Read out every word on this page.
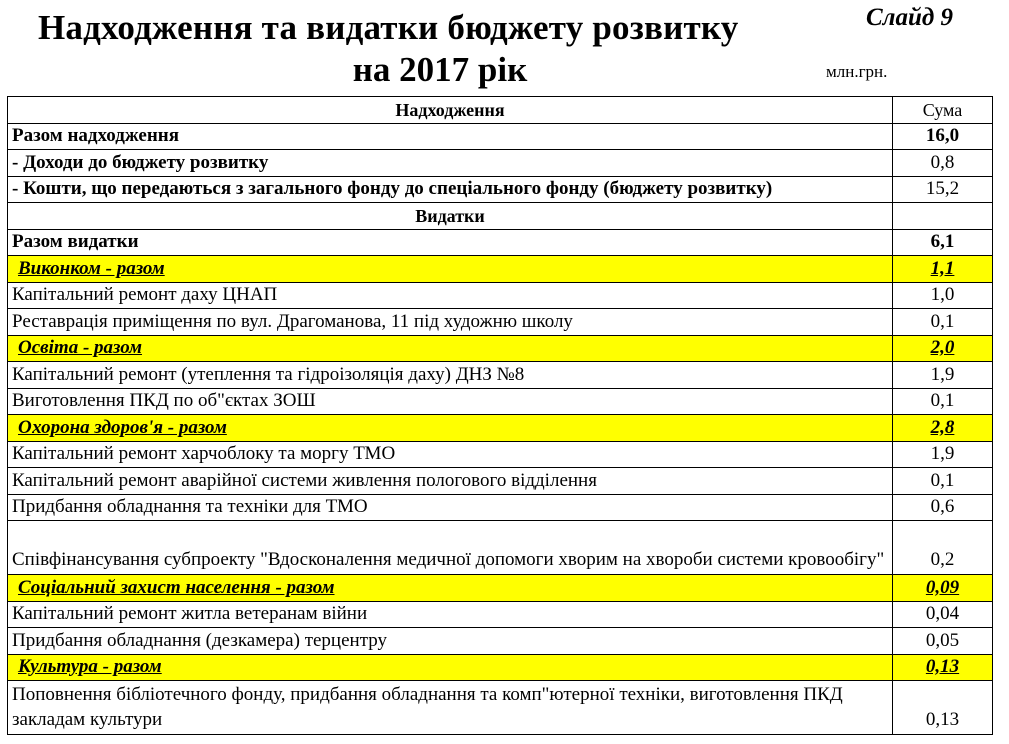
Надходження та видатки бюджету розвитку
на 2017 рік
Слайд 9
млн.грн.
Надходження	Сума
Разом надходження	16,0
- Доходи до бюджету розвитку	0,8
- Кошти, що передаються з загального фонду до спеціального фонду (бюджету розвитку)	15,2
Видатки	
Разом видатки	6,1
Виконком - разом	1,1
Капітальний ремонт даху ЦНАП	1,0
Реставрація приміщення по вул. Драгоманова, 11 під художню школу	0,1
Освіта - разом	2,0
Капітальний ремонт (утеплення та гідроізоляція даху) ДНЗ №8	1,9
Виготовлення ПКД по об"єктах ЗОШ	0,1
Охорона здоров'я - разом	2,8
Капітальний ремонт харчоблоку та моргу ТМО	1,9
Капітальний ремонт аварійної системи живлення пологового відділення	0,1
Придбання обладнання та техніки для ТМО	0,6
Співфінансування субпроекту "Вдосконалення медичної допомоги хворим на хвороби системи кровообігу"	0,2
Соціальний захист населення - разом	0,09
Капітальний ремонт житла ветеранам війни	0,04
Придбання обладнання (дезкамера) терцентру	0,05
Культура - разом	0,13
Поповнення бібліотечного фонду, придбання обладнання та комп"ютерної техніки, виготовлення ПКД закладам культури	0,13
